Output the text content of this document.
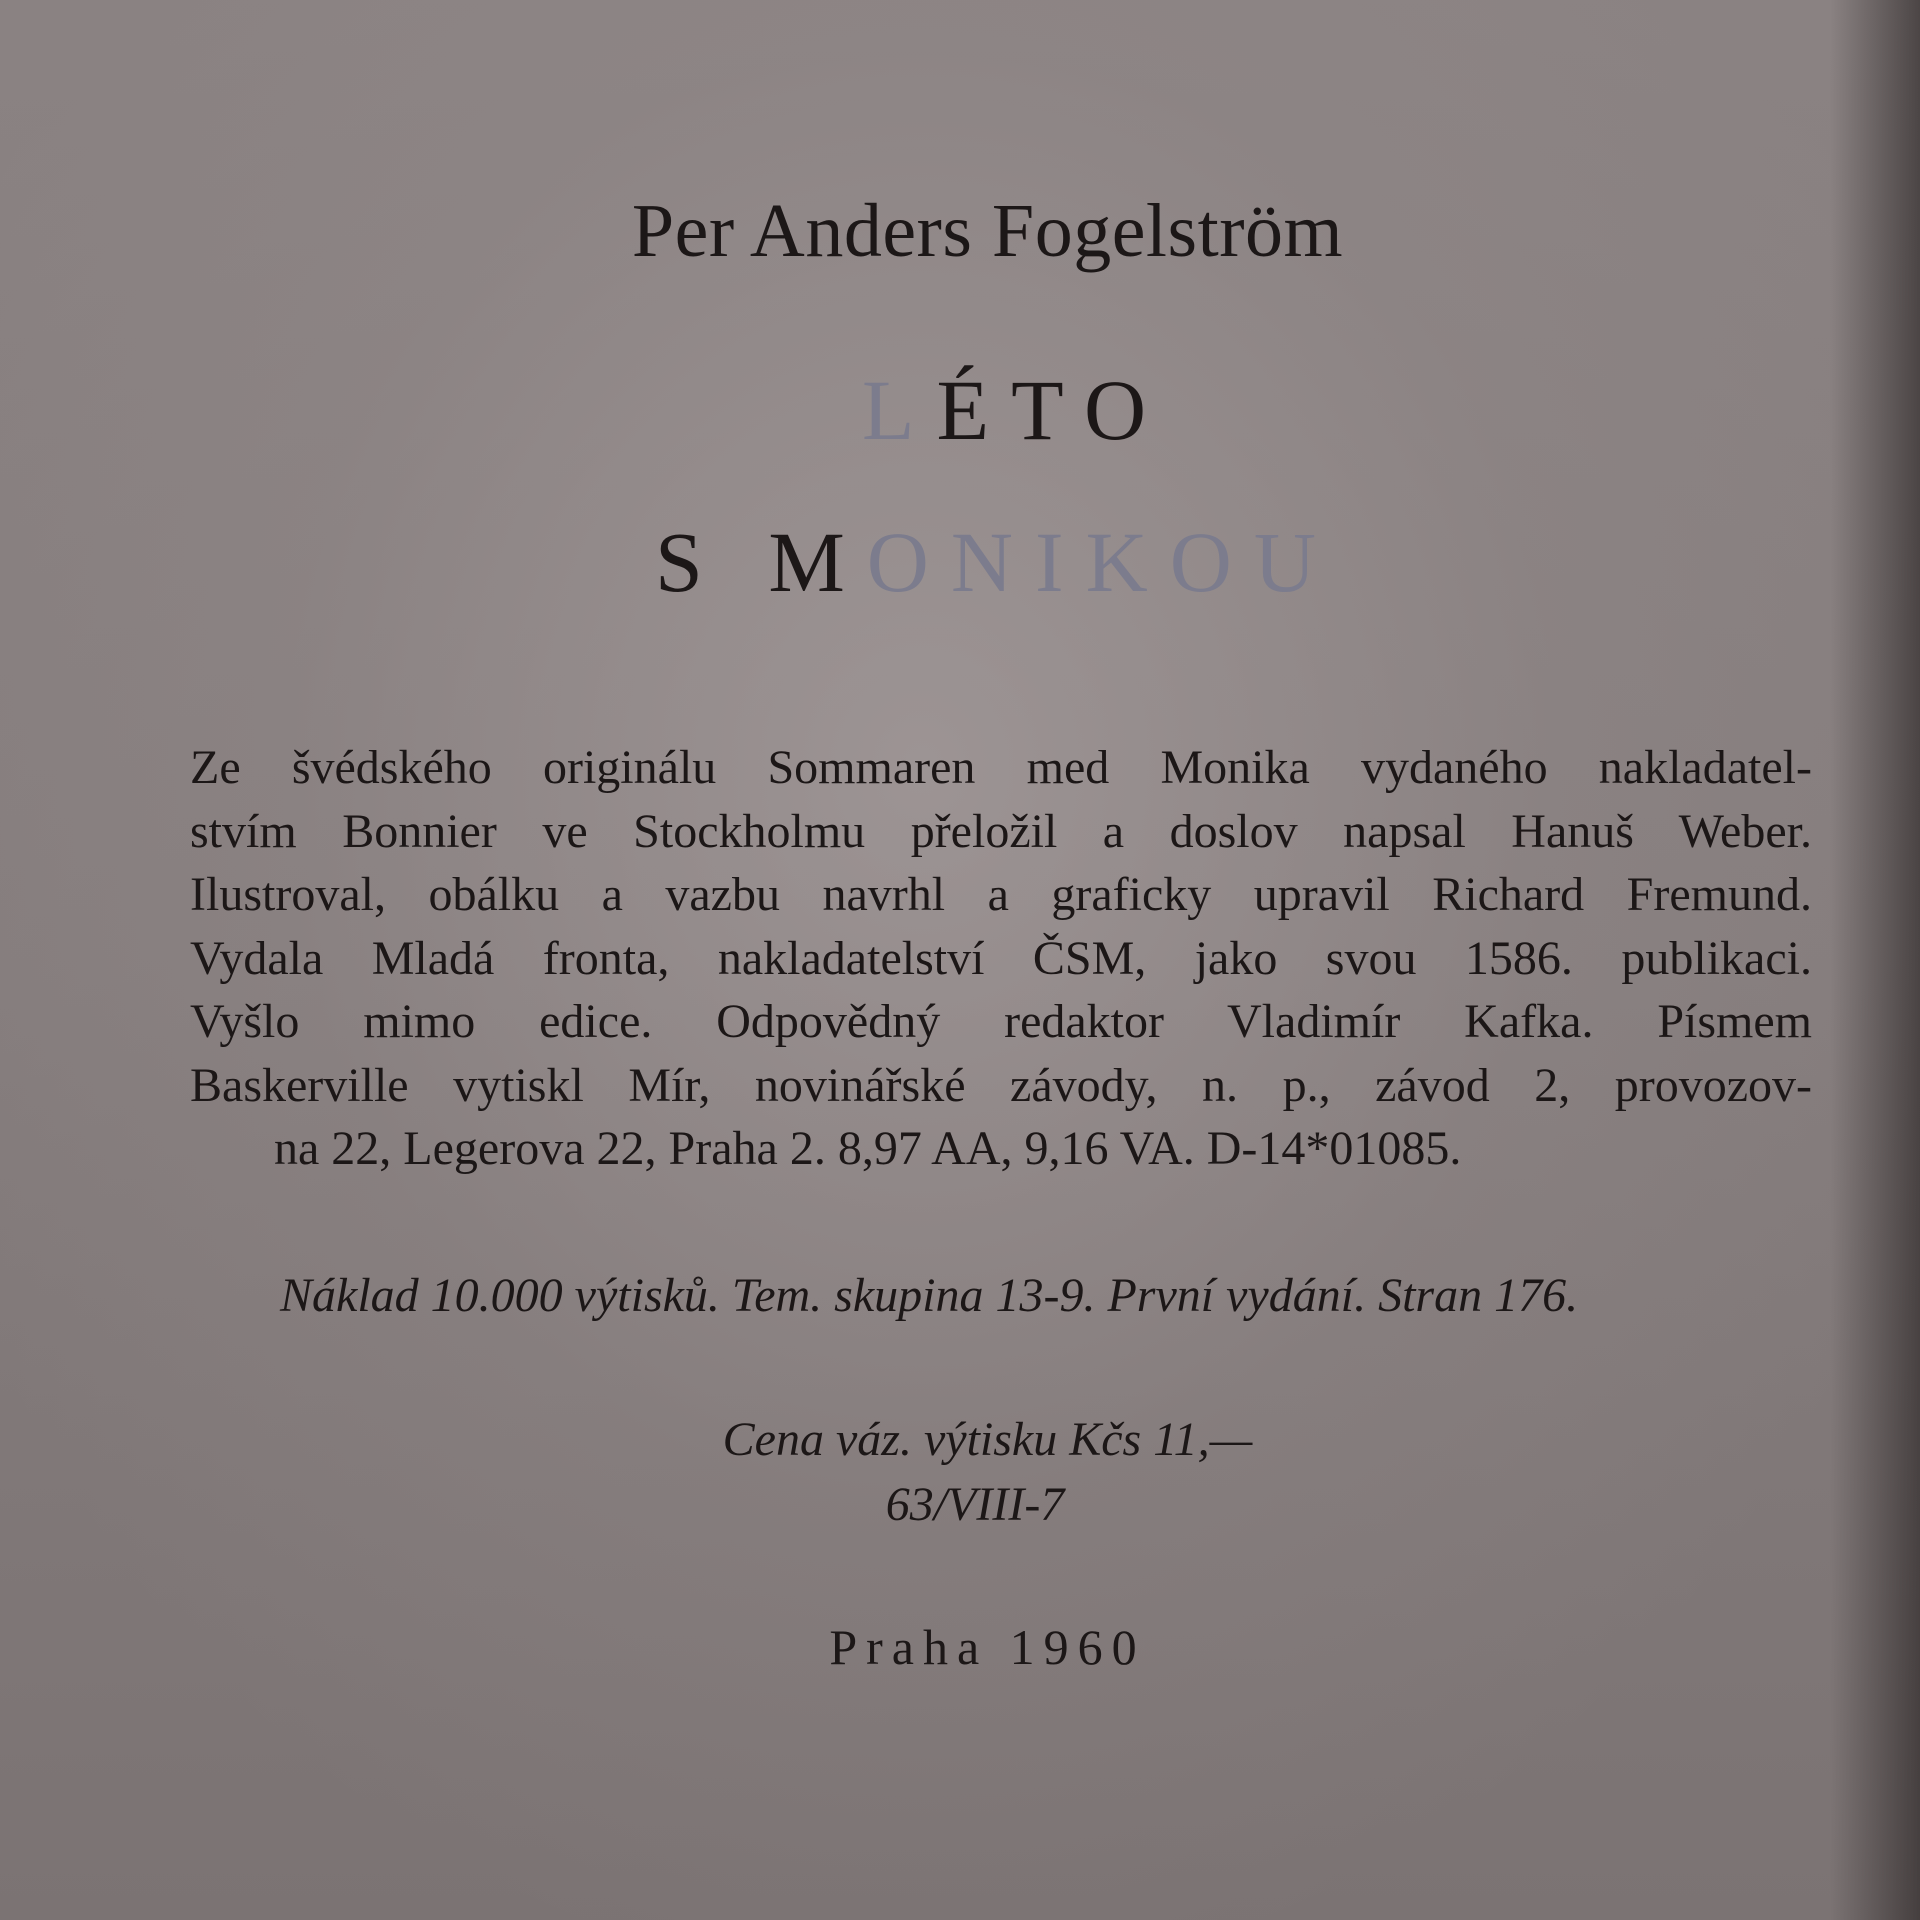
Per Anders Fogelström
LÉTO
S MONIKOU
Ze švédského originálu Sommaren med Monika vydaného nakladatel-
stvím Bonnier ve Stockholmu přeložil a doslov napsal Hanuš Weber.
Ilustroval, obálku a vazbu navrhl a graficky upravil Richard Fremund.
Vydala Mladá fronta, nakladatelství ČSM, jako svou 1586. publikaci.
Vyšlo mimo edice. Odpovědný redaktor Vladimír Kafka. Písmem
Baskerville vytiskl Mír, novinářské závody, n. p., závod 2, provozov-
na 22, Legerova 22, Praha 2. 8,97 AA, 9,16 VA. D-14*01085.
Náklad 10.000 výtisků. Tem. skupina 13-9. První vydání. Stran 176.
Cena váz. výtisku Kčs 11,—
63/VIII-7
Praha 1960
